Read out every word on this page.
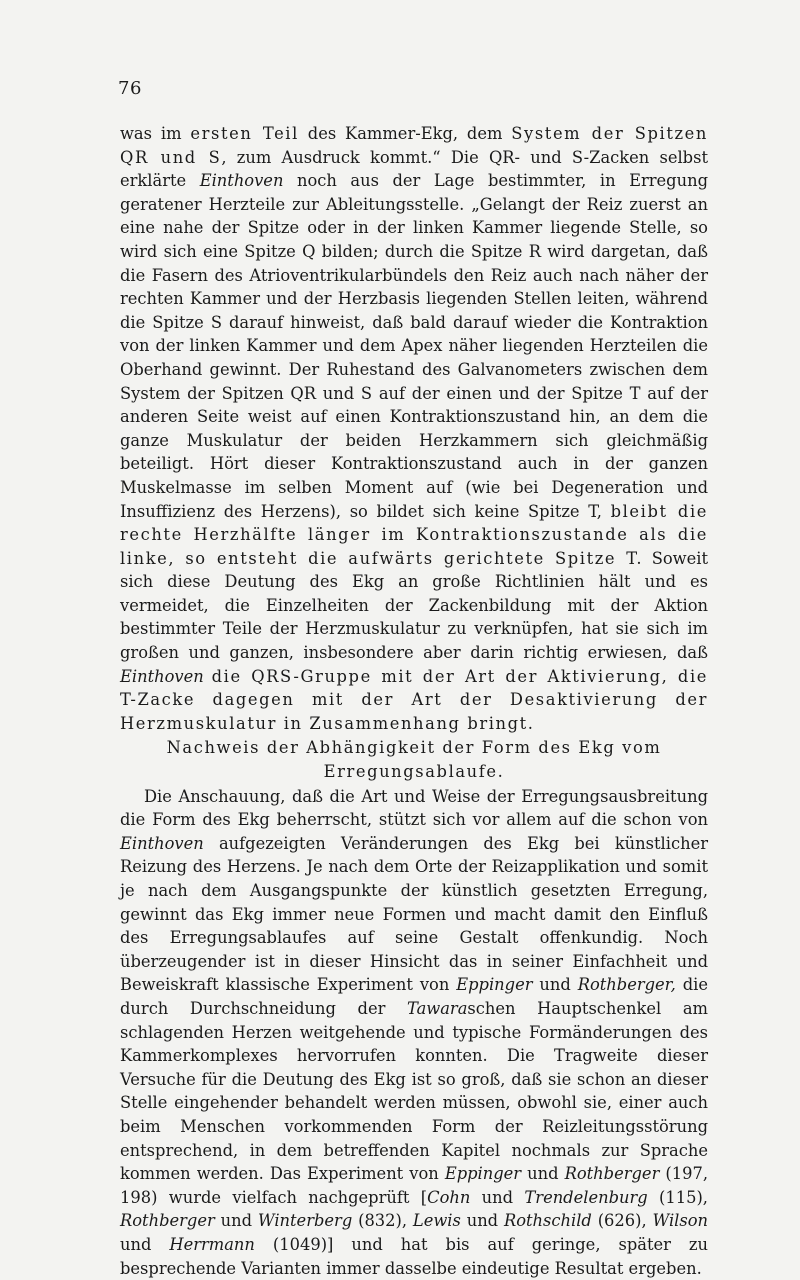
76

was im ersten Teil des Kammer-Ekg, dem System der Spitzen QR und S, zum Ausdruck kommt.“ Die QR- und S-Zacken selbst erklärte Einthoven noch aus der Lage bestimmter, in Erregung geratener Herzteile zur Ableitungsstelle. „Gelangt der Reiz zuerst an eine nahe der Spitze oder in der linken Kammer liegende Stelle, so wird sich eine Spitze Q bilden; durch die Spitze R wird dargetan, daß die Fasern des Atrioventrikularbündels den Reiz auch nach näher der rechten Kammer und der Herzbasis liegenden Stellen leiten, während die Spitze S darauf hinweist, daß bald darauf wieder die Kontraktion von der linken Kammer und dem Apex näher liegenden Herzteilen die Oberhand gewinnt. Der Ruhestand des Galvanometers zwischen dem System der Spitzen QR und S auf der einen und der Spitze T auf der anderen Seite weist auf einen Kontraktionszustand hin, an dem die ganze Muskulatur der beiden Herzkammern sich gleichmäßig beteiligt. Hört dieser Kontraktionszustand auch in der ganzen Muskelmasse im selben Moment auf (wie bei Degeneration und Insuffizienz des Herzens), so bildet sich keine Spitze T, bleibt die rechte Herzhälfte länger im Kontraktionszustande als die linke, so entsteht die aufwärts gerichtete Spitze T. Soweit sich diese Deutung des Ekg an große Richtlinien hält und es vermeidet, die Einzelheiten der Zackenbildung mit der Aktion bestimmter Teile der Herzmuskulatur zu verknüpfen, hat sie sich im großen und ganzen, insbesondere aber darin richtig erwiesen, daß Einthoven die QRS-Gruppe mit der Art der Aktivierung, die T-Zacke dagegen mit der Art der Desaktivierung der Herzmuskulatur in Zusammenhang bringt.

Nachweis der Abhängigkeit der Form des Ekg vom Erregungsablaufe.

Die Anschauung, daß die Art und Weise der Erregungsausbreitung die Form des Ekg beherrscht, stützt sich vor allem auf die schon von Einthoven aufgezeigten Veränderungen des Ekg bei künstlicher Reizung des Herzens. Je nach dem Orte der Reizapplikation und somit je nach dem Ausgangspunkte der künstlich gesetzten Erregung, gewinnt das Ekg immer neue Formen und macht damit den Einfluß des Erregungsablaufes auf seine Gestalt offenkundig. Noch überzeugender ist in dieser Hinsicht das in seiner Einfachheit und Beweiskraft klassische Experiment von Eppinger und Rothberger, die durch Durchschneidung der Tawaraschen Hauptschenkel am schlagenden Herzen weitgehende und typische Formänderungen des Kammerkomplexes hervorrufen konnten. Die Tragweite dieser Versuche für die Deutung des Ekg ist so groß, daß sie schon an dieser Stelle eingehender behandelt werden müssen, obwohl sie, einer auch beim Menschen vorkommenden Form der Reizleitungsstörung entsprechend, in dem betreffenden Kapitel nochmals zur Sprache kommen werden. Das Experiment von Eppinger und Rothberger (197, 198) wurde vielfach nachgeprüft [Cohn und Trendelenburg (115), Rothberger und Winterberg (832), Lewis und Rothschild (626), Wilson und Herrmann (1049)] und hat bis auf geringe, später zu besprechende Varianten immer dasselbe eindeutige Resultat ergeben.
